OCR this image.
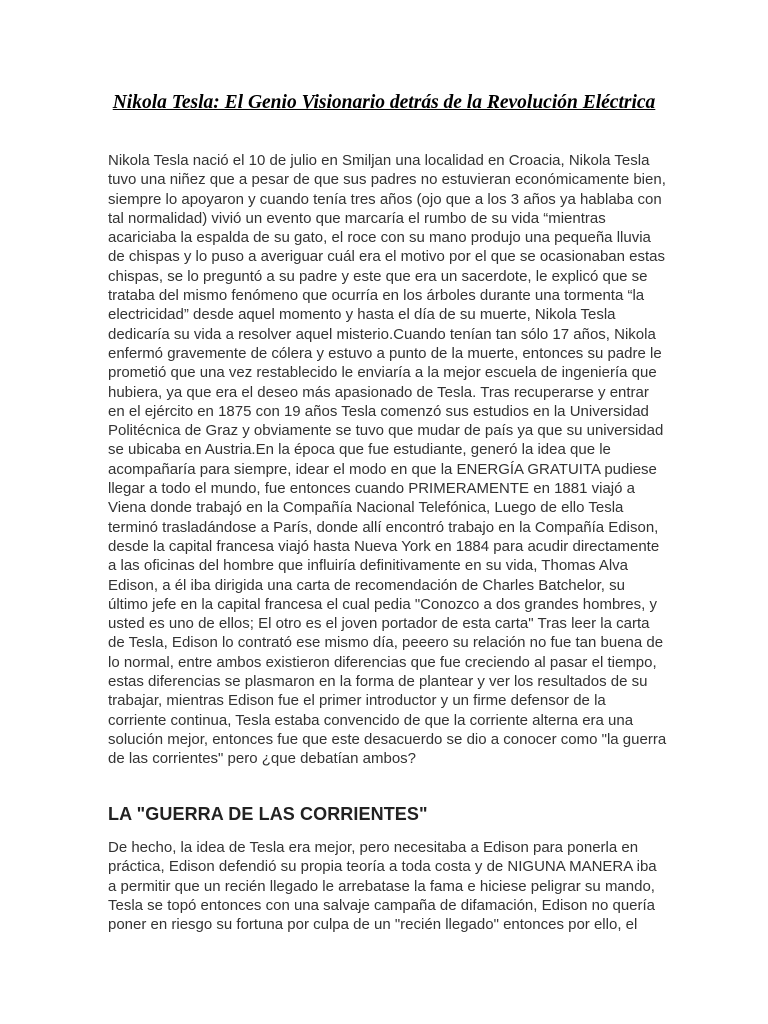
Nikola Tesla: El Genio Visionario detrás de la Revolución Eléctrica

Nikola Tesla nació el 10 de julio en Smiljan una localidad en Croacia, Nikola Tesla tuvo una niñez que a pesar de que sus padres no estuvieran económicamente bien, siempre lo apoyaron y cuando tenía tres años (ojo que a los 3 años ya hablaba con tal normalidad) vivió un evento que marcaría el rumbo de su vida “mientras acariciaba la espalda de su gato, el roce con su mano produjo una pequeña lluvia de chispas y lo puso a averiguar cuál era el motivo por el que se ocasionaban estas chispas, se lo preguntó a su padre y este que era un sacerdote, le explicó que se trataba del mismo fenómeno que ocurría en los árboles durante una tormenta “la electricidad” desde aquel momento y hasta el día de su muerte, Nikola Tesla dedicaría su vida a resolver aquel misterio.Cuando tenían tan sólo 17 años, Nikola enfermó gravemente de cólera y estuvo a punto de la muerte, entonces su padre le prometió que una vez restablecido le enviaría a la mejor escuela de ingeniería que hubiera, ya que era el deseo más apasionado de Tesla. Tras recuperarse y entrar en el ejército en 1875 con 19 años Tesla comenzó sus estudios en la Universidad Politécnica de Graz y obviamente se tuvo que mudar de país ya que su universidad se ubicaba en Austria.En la época que fue estudiante, generó la idea que le acompañaría para siempre, idear el modo en que la ENERGÍA GRATUITA pudiese llegar a todo el mundo, fue entonces cuando PRIMERAMENTE en 1881 viajó a Viena donde trabajó en la Compañía Nacional Telefónica, Luego de ello Tesla terminó trasladándose a París, donde allí encontró trabajo en la Compañía Edison, desde la capital francesa viajó hasta Nueva York en 1884 para acudir directamente a las oficinas del hombre que influiría definitivamente en su vida, Thomas Alva Edison, a él iba dirigida una carta de recomendación de Charles Batchelor, su último jefe en la capital francesa el cual pedia "Conozco a dos grandes hombres, y usted es uno de ellos; El otro es el joven portador de esta carta" Tras leer la carta de Tesla, Edison lo contrató ese mismo día, peeero su relación no fue tan buena de lo normal, entre ambos existieron diferencias que fue creciendo al pasar el tiempo, estas diferencias se plasmaron en la forma de plantear y ver los resultados de su trabajar, mientras Edison fue el primer introductor y un firme defensor de la corriente continua, Tesla estaba convencido de que la corriente alterna era una solución mejor, entonces fue que este desacuerdo se dio a conocer como "la guerra de las corrientes" pero ¿que debatían ambos?

LA "GUERRA DE LAS CORRIENTES"

De hecho, la idea de Tesla era mejor, pero necesitaba a Edison para ponerla en práctica, Edison defendió su propia teoría a toda costa y de NIGUNA MANERA iba a permitir que un recién llegado le arrebatase la fama e hiciese peligrar su mando, Tesla se topó entonces con una salvaje campaña de difamación, Edison no quería poner en riesgo su fortuna por culpa de un "recién llegado" entonces por ello, el
